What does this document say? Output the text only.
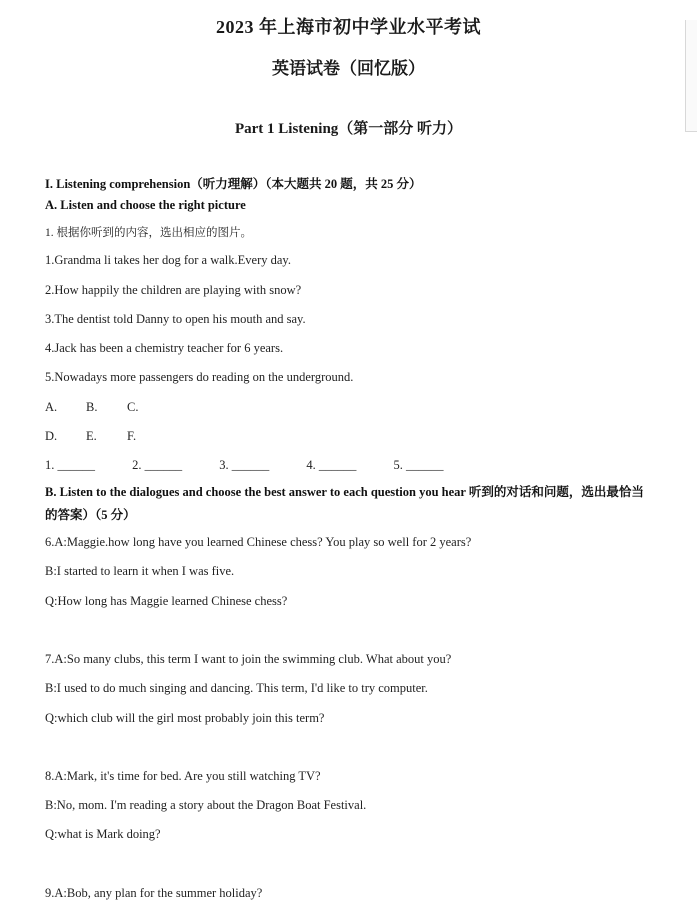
2023 年上海市初中学业水平考试
英语试卷（回忆版）
Part 1 Listening（第一部分 听力）
I. Listening comprehension（听力理解）（本大题共 20 题，共 25 分）
A. Listen and choose the right picture
1. 根据你听到的内容，选出相应的图片。
1.Grandma li takes her dog for a walk.Every day.
2.How happily the children are playing with snow?
3.The dentist told Danny to open his mouth and say.
4.Jack has been a chemistry teacher for 6 years.
5.Nowadays more passengers do reading on the underground.
A. B. C.
D. E. F.
1. ______	2. ______	3. ______	4. ______	5. ______
B. Listen to the dialogues and choose the best answer to each question you hear 听到的对话和问题，选出最恰当的答案）（5 分）
6.A:Maggie.how long have you learned Chinese chess? You play so well for 2 years?
B:I started to learn it when I was five.
Q:How long has Maggie learned Chinese chess?
7.A:So many clubs, this term I want to join the swimming club. What about you?
B:I used to do much singing and dancing. This term, I'd like to try computer.
Q:which club will the girl most probably join this term?
8.A:Mark, it's time for bed. Are you still watching TV?
B:No, mom. I'm reading a story about the Dragon Boat Festival.
Q:what is Mark doing?
9.A:Bob, any plan for the summer holiday?
